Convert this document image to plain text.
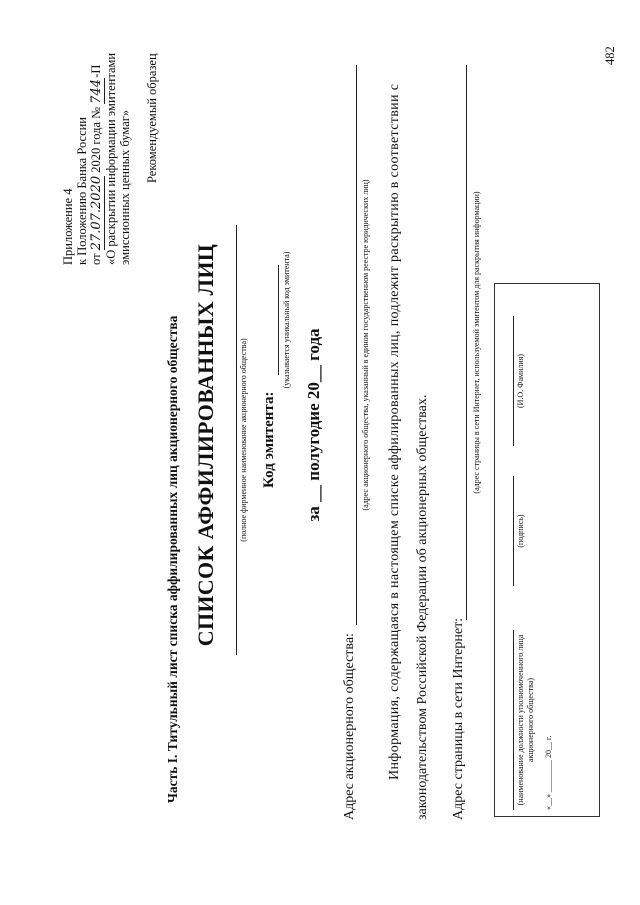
Приложение 4 к Положению Банка России от 27.07.2020 2020 года № 744-П «О раскрытии информации эмитентами эмиссионных ценных бумаг» Рекомендуемый образец
Часть I. Титульный лист списка аффилированных лиц акционерного общества	(полное фирменное наименование акционерного общества)
СПИСОК АФФИЛИРОВАННЫХ ЛИЦ	Код эмитента:
(указывается уникальный код эмитента)
за __ полугодие 20__ года
Адрес акционерного общества:
(адрес акционерного общества, указанный в едином государственном реестре юридических лиц) Информация, содержащаяся в настоящем списке аффилированных лиц, подлежит раскрытию в соответствии с законодательством Российской Федерации об акционерных обществах. Адрес страницы в сети Интернет:
(адрес страницы в сети Интернет, используемой эмитентом для раскрытия информации)
(наименование должности уполномоченного лица акционерного общества)
(подпись)
(И.О. Фамилия)
«__» ________ 20__ г.
482
